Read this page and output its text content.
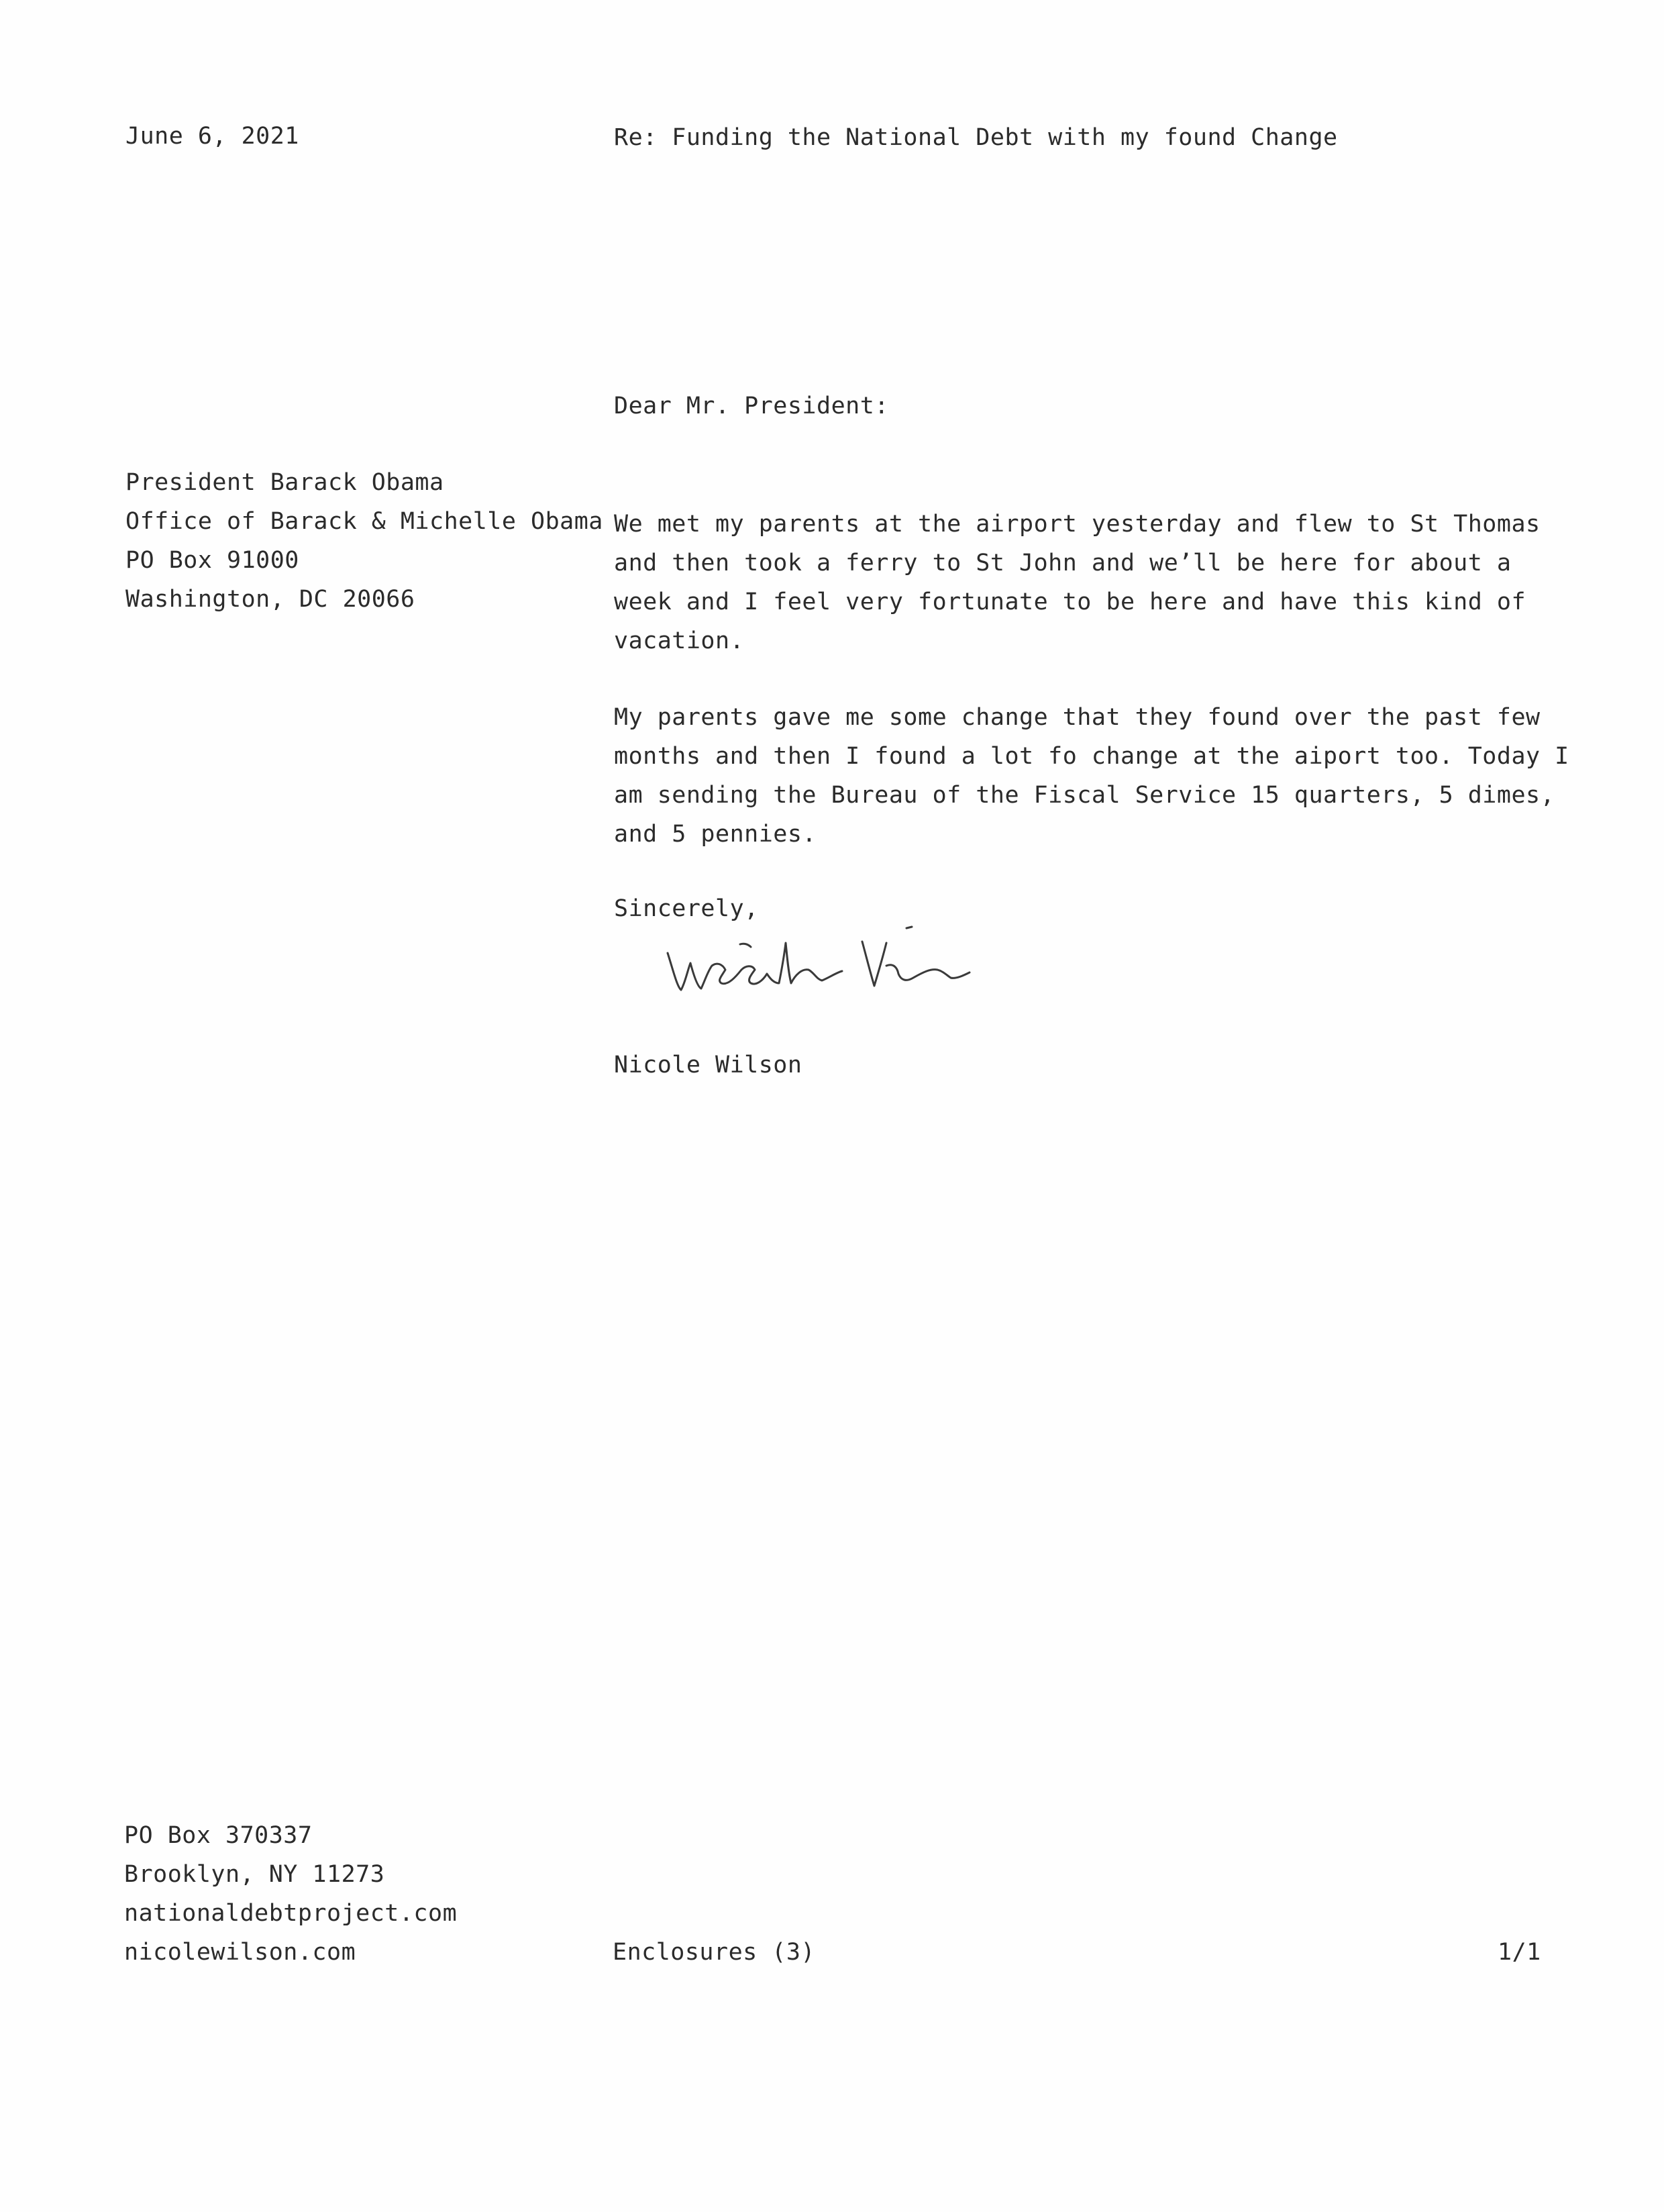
June 6, 2021	Re: Funding the National Debt with my found Change
Dear Mr. President:
President Barack Obama
Office of Barack & Michelle Obama
PO Box 91000
Washington, DC 20066
We met my parents at the airport yesterday and flew to St Thomas
and then took a ferry to St John and we’ll be here for about a
week and I feel very fortunate to be here and have this kind of
vacation.
My parents gave me some change that they found over the past few
months and then I found a lot fo change at the aiport too. Today I
am sending the Bureau of the Fiscal Service 15 quarters, 5 dimes,
and 5 pennies.
Sincerely,
Nicole Wilson
PO Box 370337
Brooklyn, NY 11273
nationaldebtproject.com
nicolewilson.com	Enclosures (3)	1/1
